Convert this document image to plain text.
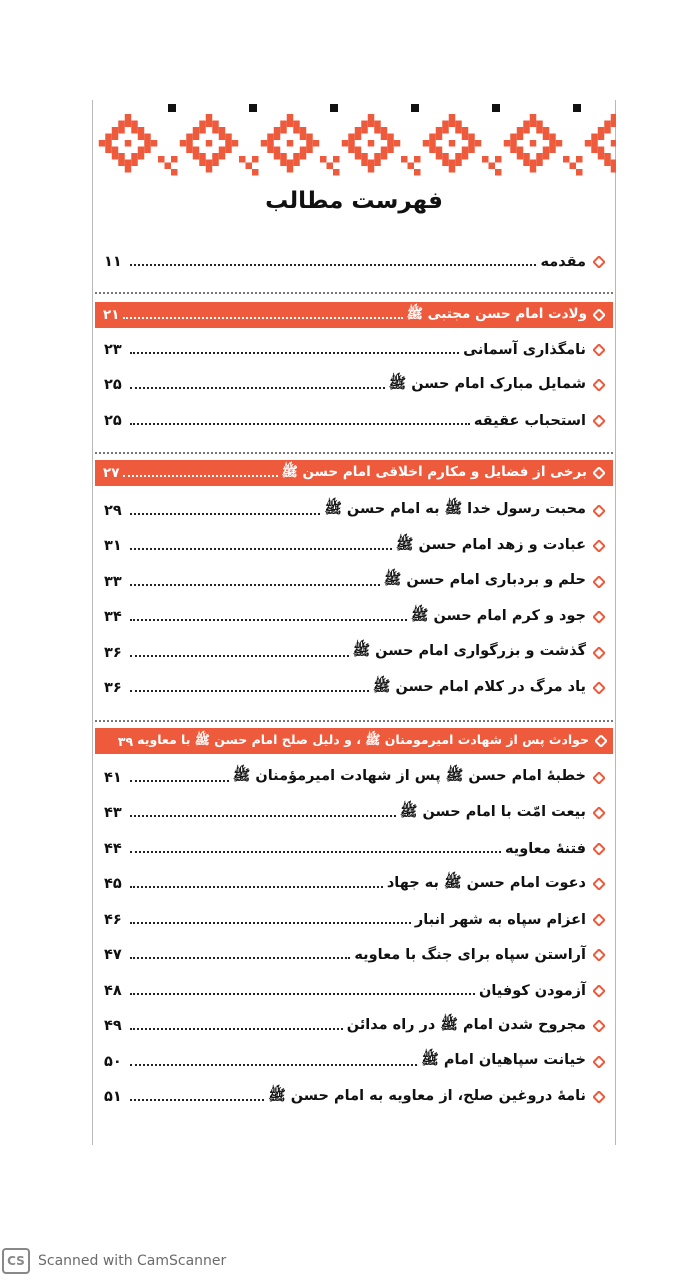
فهرست مطالب
مقدمه
۱۱
ولادت امام حسن مجتبی ﷺ
۲۱
نامگذاری آسمانی
۲۳
شمایل مبارک امام حسن ﷺ
۲۵
استحباب عقیقه
۲۵
برخی از فضایل و مکارم اخلاقی امام حسن ﷺ
۲۷
محبت رسول خدا ﷺ به امام حسن ﷺ
۲۹
عبادت و زهد امام حسن ﷺ
۳۱
حلم و بردباری امام حسن ﷺ
۳۳
جود و کرم امام حسن ﷺ
۳۴
گذشت و بزرگواری امام حسن ﷺ
۳۶
یاد مرگ در کلام امام حسن ﷺ
۳۶
حوادث پس از شهادت امیرمومنان ﷺ ، و دلیل صلح امام حسن ﷺ با معاویه
۳۹
خطبهٔ امام حسن ﷺ پس از شهادت امیرمؤمنان ﷺ
۴۱
بیعت امّت با امام حسن ﷺ
۴۳
فتنهٔ معاویه
۴۴
دعوت امام حسن ﷺ به جهاد
۴۵
اعزام سپاه به شهر انبار
۴۶
آراستن سپاه برای جنگ با معاویه
۴۷
آزمودن کوفیان
۴۸
مجروح شدن امام ﷺ در راه مدائن
۴۹
خیانت سپاهیان امام ﷺ
۵۰
نامهٔ دروغین صلح، از معاویه به امام حسن ﷺ
۵۱
CS Scanned with CamScanner
